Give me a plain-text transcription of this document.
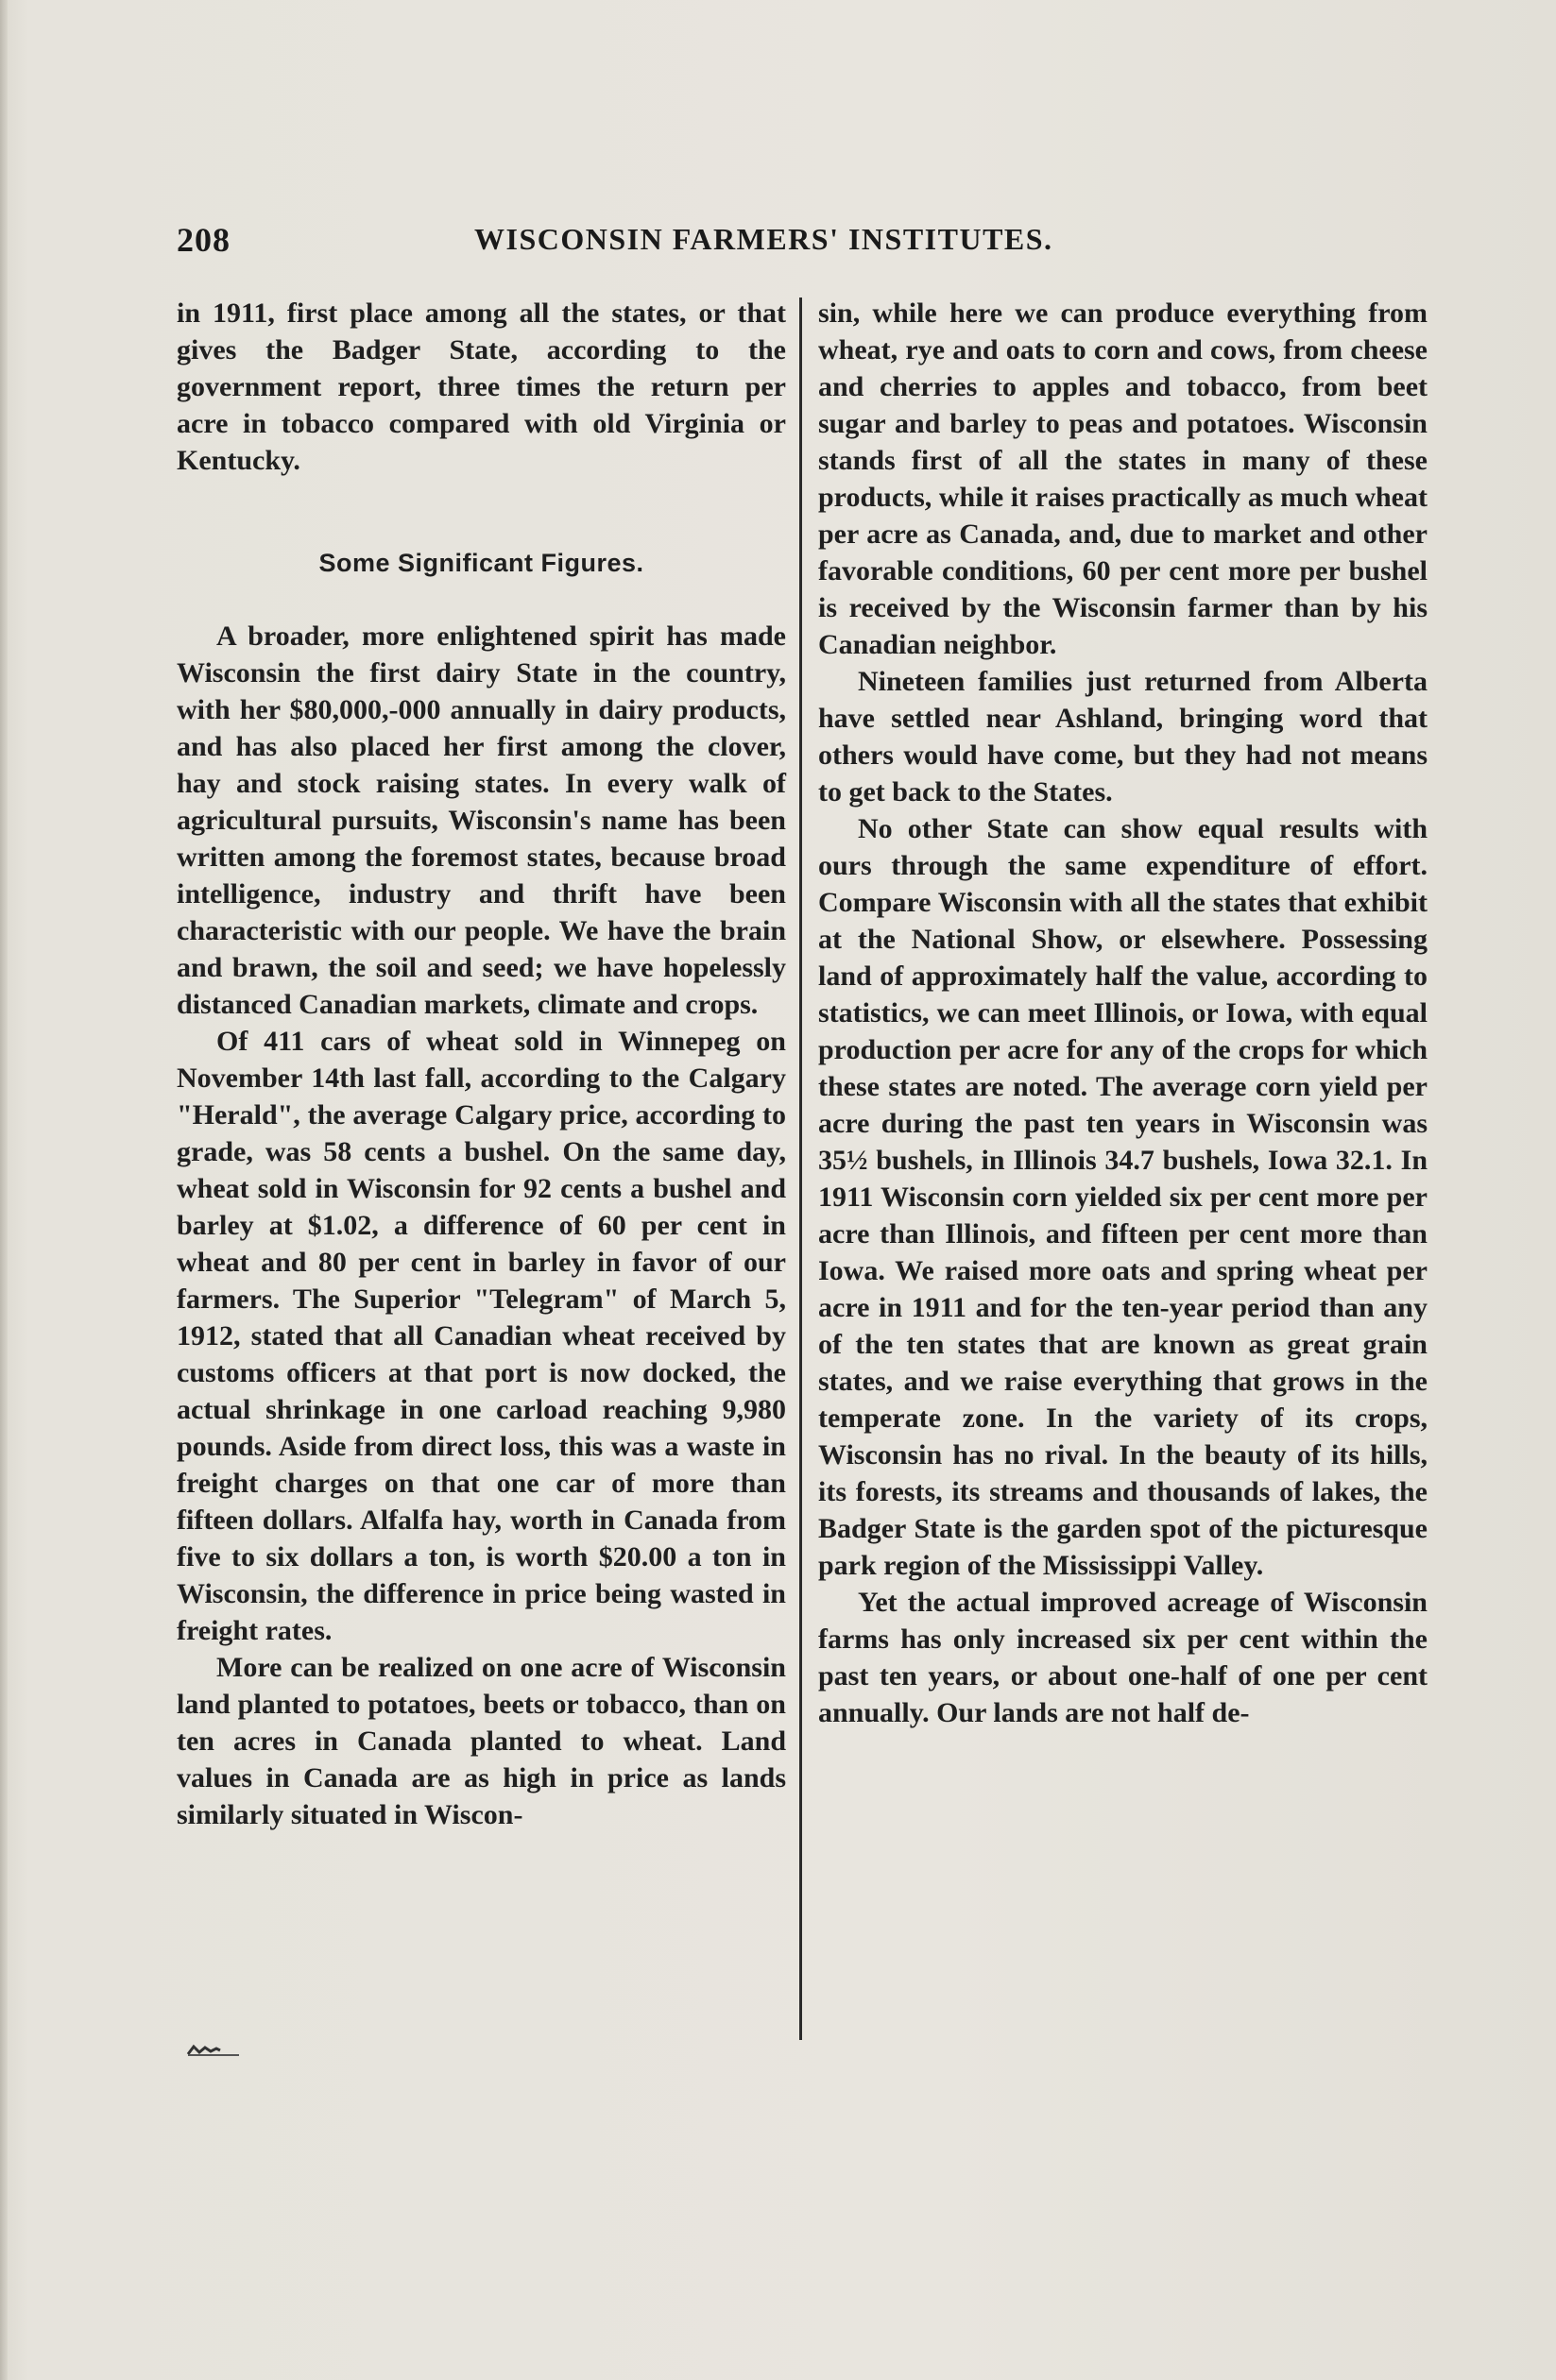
208	WISCONSIN FARMERS' INSTITUTES.

in 1911, first place among all the states, or that gives the Badger State, according to the government report, three times the return per acre in tobacco compared with old Virginia or Kentucky.

Some Significant Figures.

A broader, more enlightened spirit has made Wisconsin the first dairy State in the country, with her $80,000,-000 annually in dairy products, and has also placed her first among the clover, hay and stock raising states. In every walk of agricultural pursuits, Wisconsin's name has been written among the foremost states, because broad intelligence, industry and thrift have been characteristic with our people. We have the brain and brawn, the soil and seed; we have hopelessly distanced Canadian markets, climate and crops.

Of 411 cars of wheat sold in Winnepeg on November 14th last fall, according to the Calgary "Herald", the average Calgary price, according to grade, was 58 cents a bushel. On the same day, wheat sold in Wisconsin for 92 cents a bushel and barley at $1.02, a difference of 60 per cent in wheat and 80 per cent in barley in favor of our farmers. The Superior "Telegram" of March 5, 1912, stated that all Canadian wheat received by customs officers at that port is now docked, the actual shrinkage in one carload reaching 9,980 pounds. Aside from direct loss, this was a waste in freight charges on that one car of more than fifteen dollars. Alfalfa hay, worth in Canada from five to six dollars a ton, is worth $20.00 a ton in Wisconsin, the difference in price being wasted in freight rates.

More can be realized on one acre of Wisconsin land planted to potatoes, beets or tobacco, than on ten acres in Canada planted to wheat. Land values in Canada are as high in price as lands similarly situated in Wiscon-

sin, while here we can produce everything from wheat, rye and oats to corn and cows, from cheese and cherries to apples and tobacco, from beet sugar and barley to peas and potatoes. Wisconsin stands first of all the states in many of these products, while it raises practically as much wheat per acre as Canada, and, due to market and other favorable conditions, 60 per cent more per bushel is received by the Wisconsin farmer than by his Canadian neighbor.

Nineteen families just returned from Alberta have settled near Ashland, bringing word that others would have come, but they had not means to get back to the States.

No other State can show equal results with ours through the same expenditure of effort. Compare Wisconsin with all the states that exhibit at the National Show, or elsewhere. Possessing land of approximately half the value, according to statistics, we can meet Illinois, or Iowa, with equal production per acre for any of the crops for which these states are noted. The average corn yield per acre during the past ten years in Wisconsin was 35½ bushels, in Illinois 34.7 bushels, Iowa 32.1. In 1911 Wisconsin corn yielded six per cent more per acre than Illinois, and fifteen per cent more than Iowa. We raised more oats and spring wheat per acre in 1911 and for the ten-year period than any of the ten states that are known as great grain states, and we raise everything that grows in the temperate zone. In the variety of its crops, Wisconsin has no rival. In the beauty of its hills, its forests, its streams and thousands of lakes, the Badger State is the garden spot of the picturesque park region of the Mississippi Valley.

Yet the actual improved acreage of Wisconsin farms has only increased six per cent within the past ten years, or about one-half of one per cent annually. Our lands are not half de-
